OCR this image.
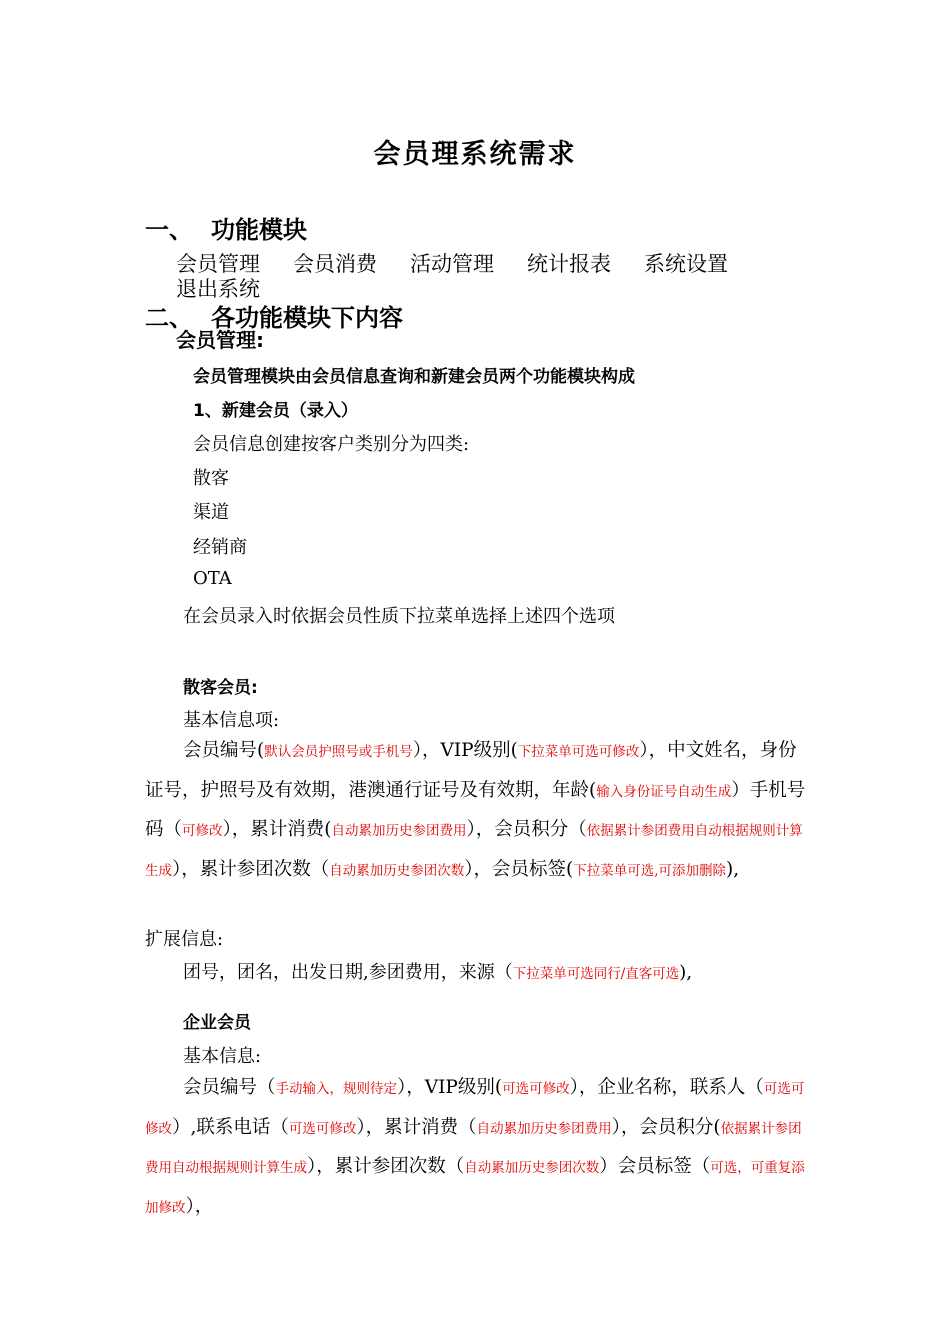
会员理系统需求
一、 功能模块
会员管理 会员消费 活动管理 统计报表 系统设置
退出系统
二、 各功能模块下内容
会员管理:
会员管理模块由会员信息查询和新建会员两个功能模块构成
1、新建会员（录入）
会员信息创建按客户类别分为四类:
散客
渠道
经销商
OTA
在会员录入时依据会员性质下拉菜单选择上述四个选项
散客会员:
基本信息项:
会员编号(默认会员护照号或手机号），VIP级别(下拉菜单可选可修改），中文姓名，身份证号，护照号及有效期，港澳通行证号及有效期，年龄(输入身份证号自动生成）手机号码（可修改），累计消费(自动累加历史参团费用），会员积分（依据累计参团费用自动根据规则计算生成），累计参团次数（自动累加历史参团次数），会员标签(下拉菜单可选,可添加删除),
扩展信息:
团号，团名，出发日期,参团费用，来源（下拉菜单可选同行/直客可选),
企业会员
基本信息:
会员编号（手动输入，规则待定），VIP级别(可选可修改），企业名称，联系人（可选可修改）,联系电话（可选可修改），累计消费（自动累加历史参团费用），会员积分(依据累计参团费用自动根据规则计算生成），累计参团次数（自动累加历史参团次数）会员标签（可选，可重复添加修改），
